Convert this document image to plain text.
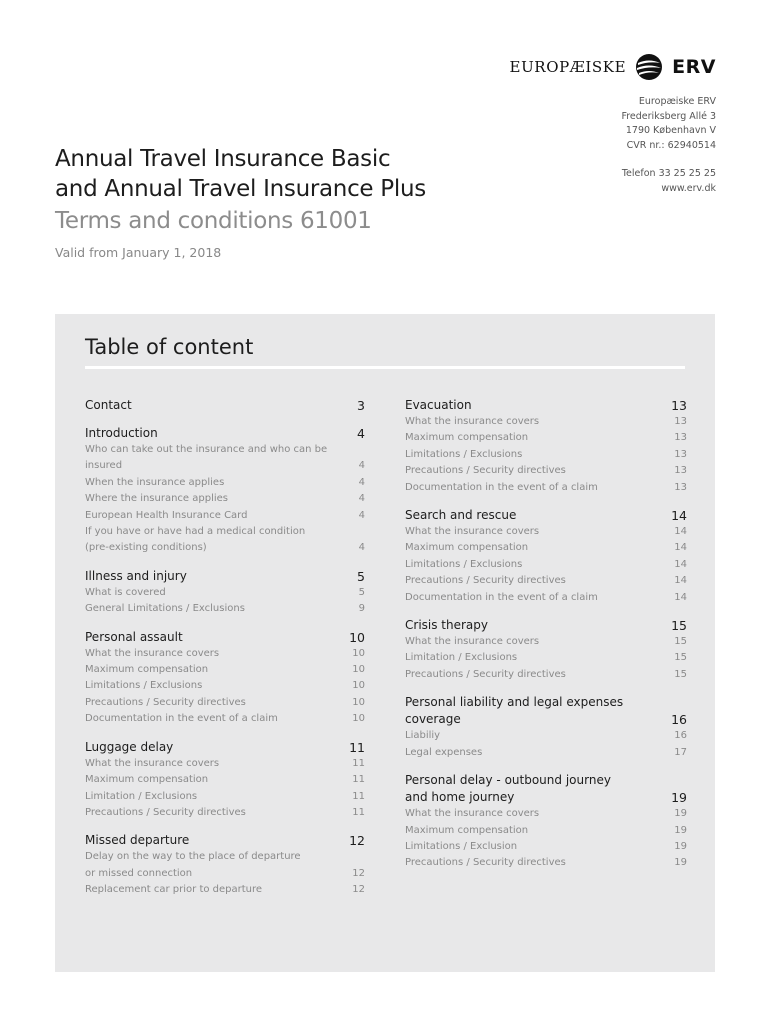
EUROPÆISKE ERV
Europæiske ERV
Frederiksberg Allé 3
1790 København V
CVR nr.: 62940514
Telefon 33 25 25 25
www.erv.dk
Annual Travel Insurance Basic
and Annual Travel Insurance Plus
Terms and conditions 61001
Valid from January 1, 2018
Table of content
Contact	3
Introduction	4
Who can take out the insurance and who can be insured	4
When the insurance applies	4
Where the insurance applies	4
European Health Insurance Card	4
If you have or have had a medical condition
(pre-existing conditions)	4
Illness and injury	5
What is covered	5
General Limitations / Exclusions	9
Personal assault	10
What the insurance covers	10
Maximum compensation	10
Limitations / Exclusions	10
Precautions / Security directives	10
Documentation in the event of a claim	10
Luggage delay	11
What the insurance covers	11
Maximum compensation	11
Limitation / Exclusions	11
Precautions / Security directives	11
Missed departure	12
Delay on the way to the place of departure
or missed connection	12
Replacement car prior to departure	12
Evacuation	13
What the insurance covers	13
Maximum compensation	13
Limitations / Exclusions	13
Precautions / Security directives	13
Documentation in the event of a claim	13
Search and rescue	14
What the insurance covers	14
Maximum compensation	14
Limitations / Exclusions	14
Precautions / Security directives	14
Documentation in the event of a claim	14
Crisis therapy	15
What the insurance covers	15
Limitation / Exclusions	15
Precautions / Security directives	15
Personal liability and legal expenses coverage	16
Liabiliy	16
Legal expenses	17
Personal delay - outbound journey
and home journey	19
What the insurance covers	19
Maximum compensation	19
Limitations / Exclusion	19
Precautions / Security directives	19
